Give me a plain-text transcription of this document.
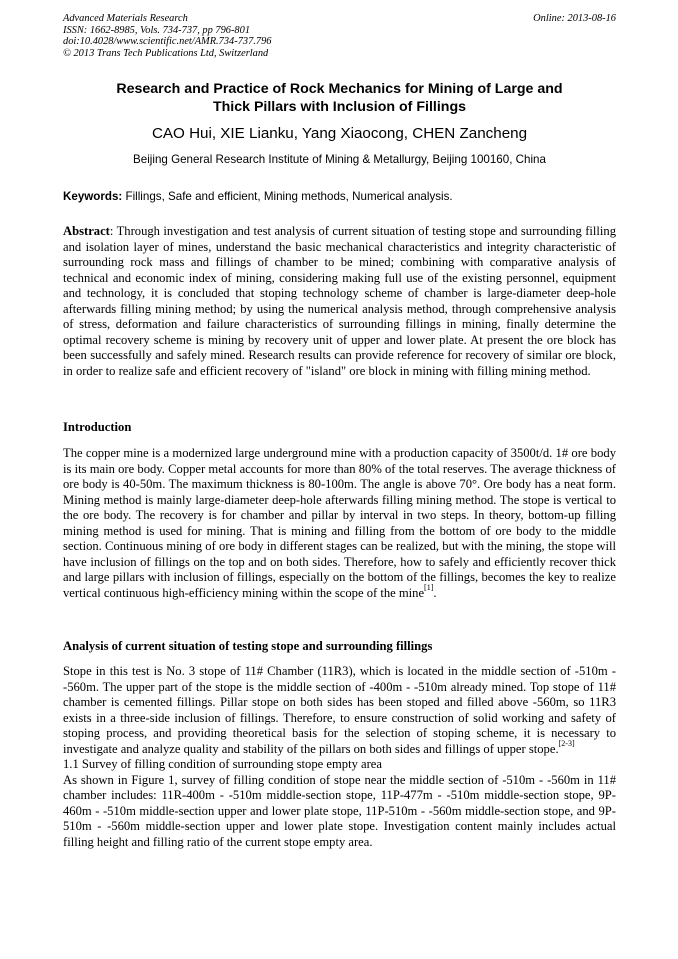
Advanced Materials Research
ISSN: 1662-8985, Vols. 734-737, pp 796-801
doi:10.4028/www.scientific.net/AMR.734-737.796
© 2013 Trans Tech Publications Ltd, Switzerland
Online: 2013-08-16
Research and Practice of Rock Mechanics for Mining of Large and
Thick Pillars with Inclusion of Fillings
CAO Hui, XIE Lianku, Yang Xiaocong, CHEN Zancheng
Beijing General Research Institute of Mining & Metallurgy, Beijing 100160, China
Keywords: Fillings, Safe and efficient, Mining methods, Numerical analysis.
Abstract: Through investigation and test analysis of current situation of testing stope and surrounding filling and isolation layer of mines, understand the basic mechanical characteristics and integrity characteristic of surrounding rock mass and fillings of chamber to be mined; combining with comparative analysis of technical and economic index of mining, considering making full use of the existing personnel, equipment and technology, it is concluded that stoping technology scheme of chamber is large-diameter deep-hole afterwards filling mining method; by using the numerical analysis method, through comprehensive analysis of stress, deformation and failure characteristics of surrounding fillings in mining, finally determine the optimal recovery scheme is mining by recovery unit of upper and lower plate. At present the ore block has been successfully and safely mined. Research results can provide reference for recovery of similar ore block, in order to realize safe and efficient recovery of "island" ore block in mining with filling mining method.
Introduction
The copper mine is a modernized large underground mine with a production capacity of 3500t/d. 1# ore body is its main ore body. Copper metal accounts for more than 80% of the total reserves. The average thickness of ore body is 40-50m. The maximum thickness is 80-100m. The angle is above 70°. Ore body has a neat form. Mining method is mainly large-diameter deep-hole afterwards filling mining method. The stope is vertical to the ore body. The recovery is for chamber and pillar by interval in two steps. In theory, bottom-up filling mining method is used for mining. That is mining and filling from the bottom of ore body to the middle section. Continuous mining of ore body in different stages can be realized, but with the mining, the stope will have inclusion of fillings on the top and on both sides. Therefore, how to safely and efficiently recover thick and large pillars with inclusion of fillings, especially on the bottom of the fillings, becomes the key to realize vertical continuous high-efficiency mining within the scope of the mine[1].
Analysis of current situation of testing stope and surrounding fillings
Stope in this test is No. 3 stope of 11# Chamber (11R3), which is located in the middle section of -510m - -560m. The upper part of the stope is the middle section of -400m - -510m already mined. Top stope of 11# chamber is cemented fillings. Pillar stope on both sides has been stoped and filled above -560m, so 11R3 exists in a three-side inclusion of fillings. Therefore, to ensure construction of solid working and safety of stoping process, and providing theoretical basis for the selection of stoping scheme, it is necessary to investigate and analyze quality and stability of the pillars on both sides and fillings of upper stope.[2-3]
1.1 Survey of filling condition of surrounding stope empty area
As shown in Figure 1, survey of filling condition of stope near the middle section of -510m - -560m in 11# chamber includes: 11R-400m - -510m middle-section stope, 11P-477m - -510m middle-section stope, 9P-460m - -510m middle-section upper and lower plate stope, 11P-510m - -560m middle-section stope, and 9P-510m - -560m middle-section upper and lower plate stope. Investigation content mainly includes actual filling height and filling ratio of the current stope empty area.
